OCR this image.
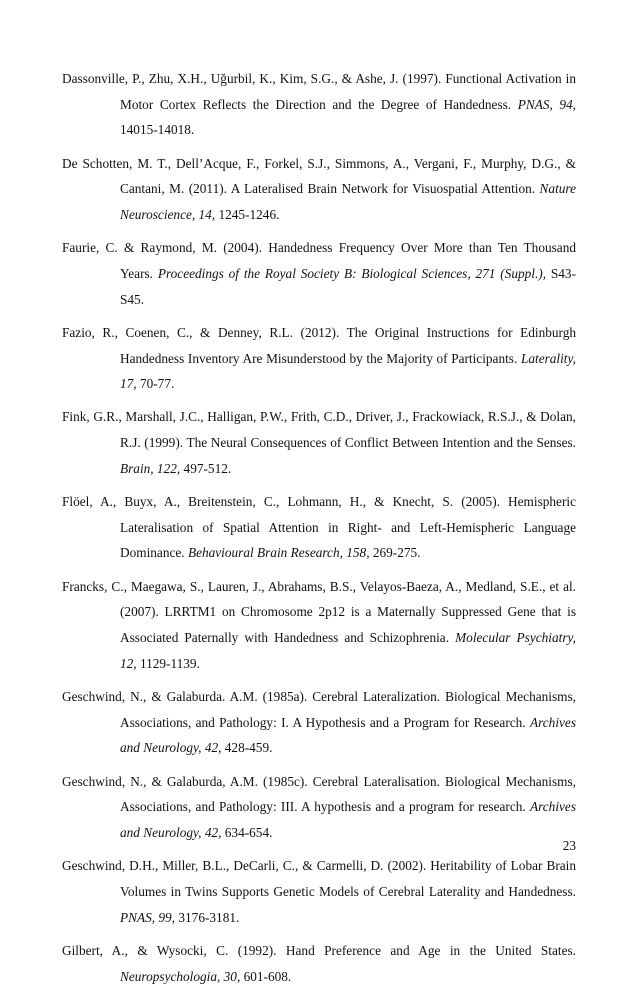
Dassonville, P., Zhu, X.H., Uğurbil, K., Kim, S.G., & Ashe, J. (1997). Functional Activation in Motor Cortex Reflects the Direction and the Degree of Handedness. PNAS, 94, 14015-14018.

De Schotten, M. T., Dell’Acque, F., Forkel, S.J., Simmons, A., Vergani, F., Murphy, D.G., & Cantani, M. (2011). A Lateralised Brain Network for Visuospatial Attention. Nature Neuroscience, 14, 1245-1246.

Faurie, C. & Raymond, M. (2004). Handedness Frequency Over More than Ten Thousand Years. Proceedings of the Royal Society B: Biological Sciences, 271 (Suppl.), S43-S45.

Fazio, R., Coenen, C., & Denney, R.L. (2012). The Original Instructions for Edinburgh Handedness Inventory Are Misunderstood by the Majority of Participants. Laterality, 17, 70-77.

Fink, G.R., Marshall, J.C., Halligan, P.W., Frith, C.D., Driver, J., Frackowiack, R.S.J., & Dolan, R.J. (1999). The Neural Consequences of Conflict Between Intention and the Senses. Brain, 122, 497-512.

Flöel, A., Buyx, A., Breitenstein, C., Lohmann, H., & Knecht, S. (2005). Hemispheric Lateralisation of Spatial Attention in Right- and Left-Hemispheric Language Dominance. Behavioural Brain Research, 158, 269-275.

Francks, C., Maegawa, S., Lauren, J., Abrahams, B.S., Velayos-Baeza, A., Medland, S.E., et al. (2007). LRRTM1 on Chromosome 2p12 is a Maternally Suppressed Gene that is Associated Paternally with Handedness and Schizophrenia. Molecular Psychiatry, 12, 1129-1139.

Geschwind, N., & Galaburda. A.M. (1985a). Cerebral Lateralization. Biological Mechanisms, Associations, and Pathology: I. A Hypothesis and a Program for Research. Archives and Neurology, 42, 428-459.

Geschwind, N., & Galaburda, A.M. (1985c). Cerebral Lateralisation. Biological Mechanisms, Associations, and Pathology: III. A hypothesis and a program for research. Archives and Neurology, 42, 634-654.

Geschwind, D.H., Miller, B.L., DeCarli, C., & Carmelli, D. (2002). Heritability of Lobar Brain Volumes in Twins Supports Genetic Models of Cerebral Laterality and Handedness. PNAS, 99, 3176-3181.

Gilbert, A., & Wysocki, C. (1992). Hand Preference and Age in the United States. Neuropsychologia, 30, 601-608.

23
